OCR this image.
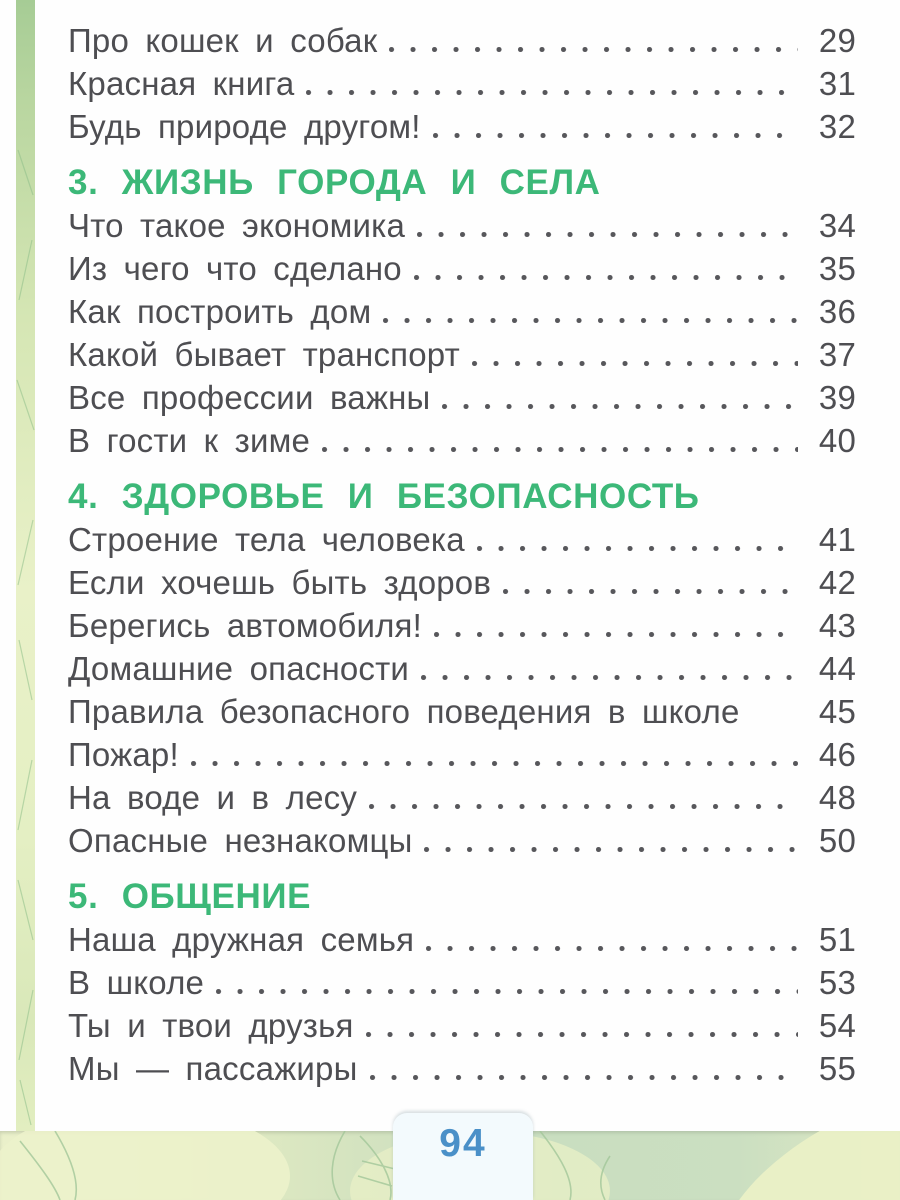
Про кошек и собак	29
Красная книга	31
Будь природе другом!	32
3. ЖИЗНЬ ГОРОДА И СЕЛА
Что такое экономика	34
Из чего что сделано	35
Как построить дом	36
Какой бывает транспорт	37
Все профессии важны	39
В гости к зиме	40
4. ЗДОРОВЬЕ И БЕЗОПАСНОСТЬ
Строение тела человека	41
Если хочешь быть здоров	42
Берегись автомобиля!	43
Домашние опасности	44
Правила безопасного поведения в школе 45
Пожар!	46
На воде и в лесу	48
Опасные незнакомцы	50
5. ОБЩЕНИЕ
Наша дружная семья	51
В школе	53
Ты и твои друзья	54
Мы — пассажиры	55
94
